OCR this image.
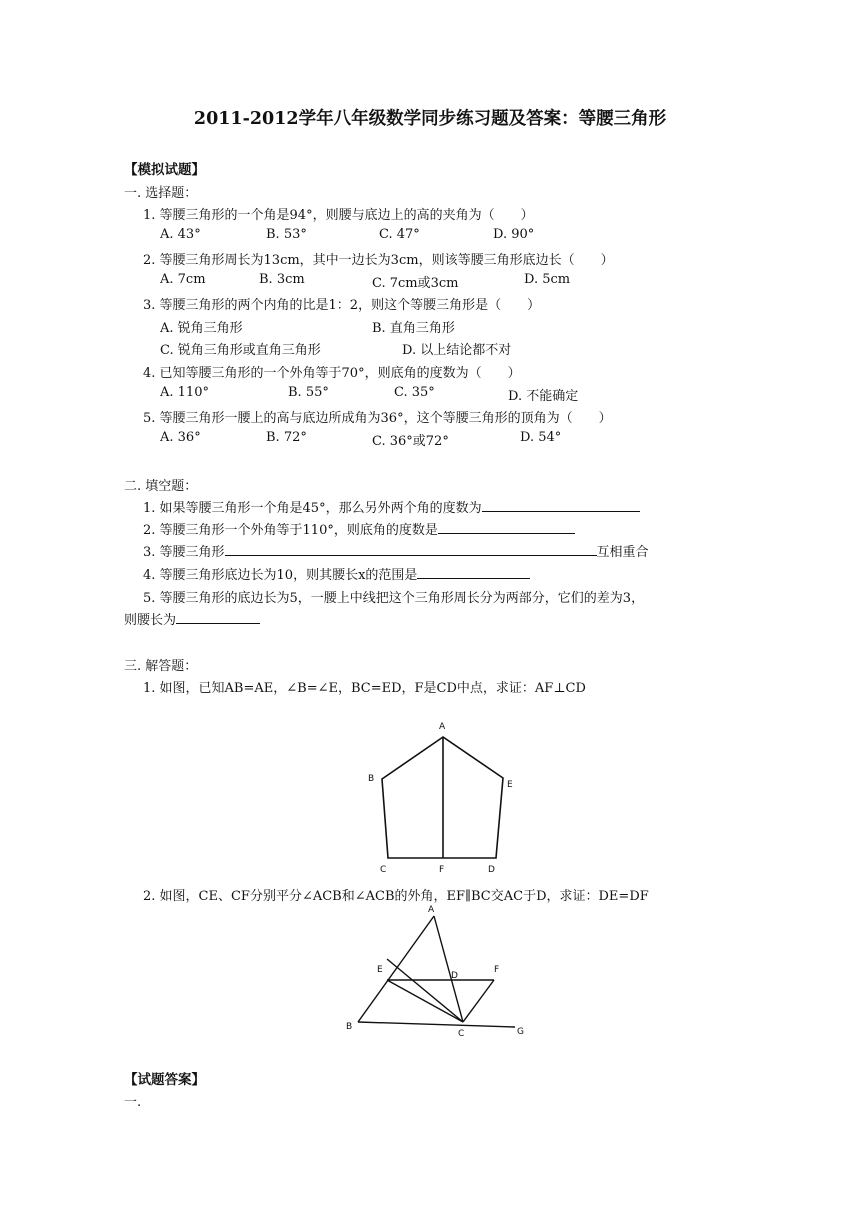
2011-2012学年八年级数学同步练习题及答案：等腰三角形
【模拟试题】
一. 选择题：
1. 等腰三角形的一个角是94°，则腰与底边上的高的夹角为（　　）
A. 43°	B. 53°	C. 47°	D. 90°
2. 等腰三角形周长为13cm，其中一边长为3cm，则该等腰三角形底边长（　　）
A. 7cm	B. 3cm	C. 7cm或3cm	D. 5cm
3. 等腰三角形的两个内角的比是1：2，则这个等腰三角形是（　　）
A. 锐角三角形	B. 直角三角形
C. 锐角三角形或直角三角形	D. 以上结论都不对
4. 已知等腰三角形的一个外角等于70°，则底角的度数为（　　）
A. 110°	B. 55°	C. 35°	D. 不能确定
5. 等腰三角形一腰上的高与底边所成角为36°，这个等腰三角形的顶角为（　　）
A. 36°	B. 72°	C. 36°或72°	D. 54°
二. 填空题：
1. 如果等腰三角形一个角是45°，那么另外两个角的度数为
2. 等腰三角形一个外角等于110°，则底角的度数是
3. 等腰三角形	互相重合
4. 等腰三角形底边长为10，则其腰长x的范围是
5. 等腰三角形的底边长为5，一腰上中线把这个三角形周长分为两部分，它们的差为3，
则腰长为
三. 解答题：
1. 如图，已知AB=AE，∠B=∠E，BC=ED，F是CD中点，求证：AF⊥CD
A
B
E
C	F	D
2. 如图，CE、CF分别平分∠ACB和∠ACB的外角，EF∥BC交AC于D，求证：DE=DF
A
E
D
F
B
C	G
【试题答案】
一.
